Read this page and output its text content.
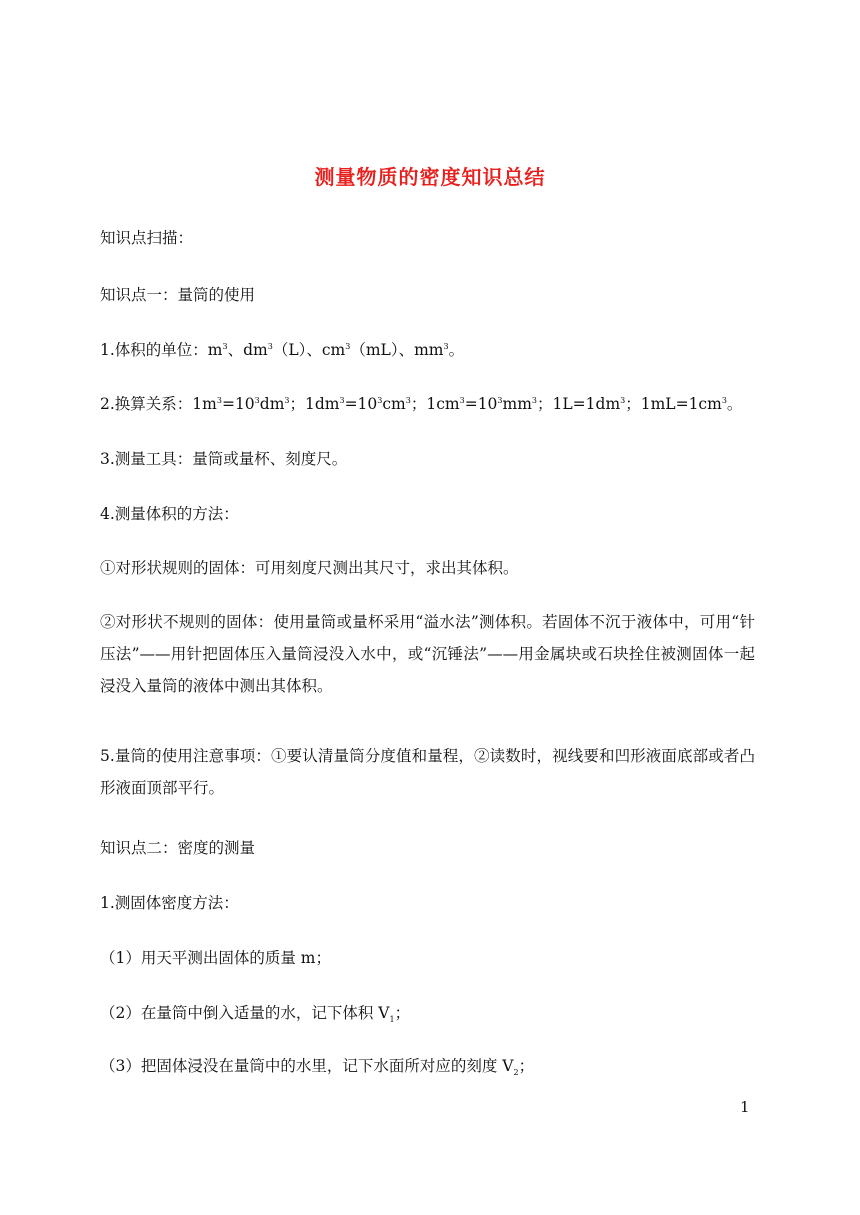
测量物质的密度知识总结
知识点扫描：
知识点一：量筒的使用
1.体积的单位：$m^3$、$dm^3(L)$、$cm^3(mL)$、$mm^3$。
2.换算关系：$1m^3=10^3dm^3$；$1dm^3=10^3cm^3$；$1cm^3=10^3mm^3$；$1L=1dm^3$；$1mL=1cm^3$。
3.测量工具：量筒或量杯、刻度尺。
4.测量体积的方法：
①对形状规则的固体：可用刻度尺测出其尺寸，求出其体积。
②对形状不规则的固体：使用量筒或量杯采用“溢水法”测体积。若固体不沉于液体中，可用“针压法”——用针把固体压入量筒浸没入水中，或“沉锤法”——用金属块或石块拴住被测固体一起浸没入量筒的液体中测出其体积。
5.量筒的使用注意事项：①要认清量筒分度值和量程，②读数时，视线要和凹形液面底部或者凸形液面顶部平行。
知识点二：密度的测量
1.测固体密度方法：
（1）用天平测出固体的质量 m；
（2）在量筒中倒入适量的水，记下体积 $V_1$；
（3）把固体浸没在量筒中的水里，记下水面所对应的刻度 $V_2$；
1
